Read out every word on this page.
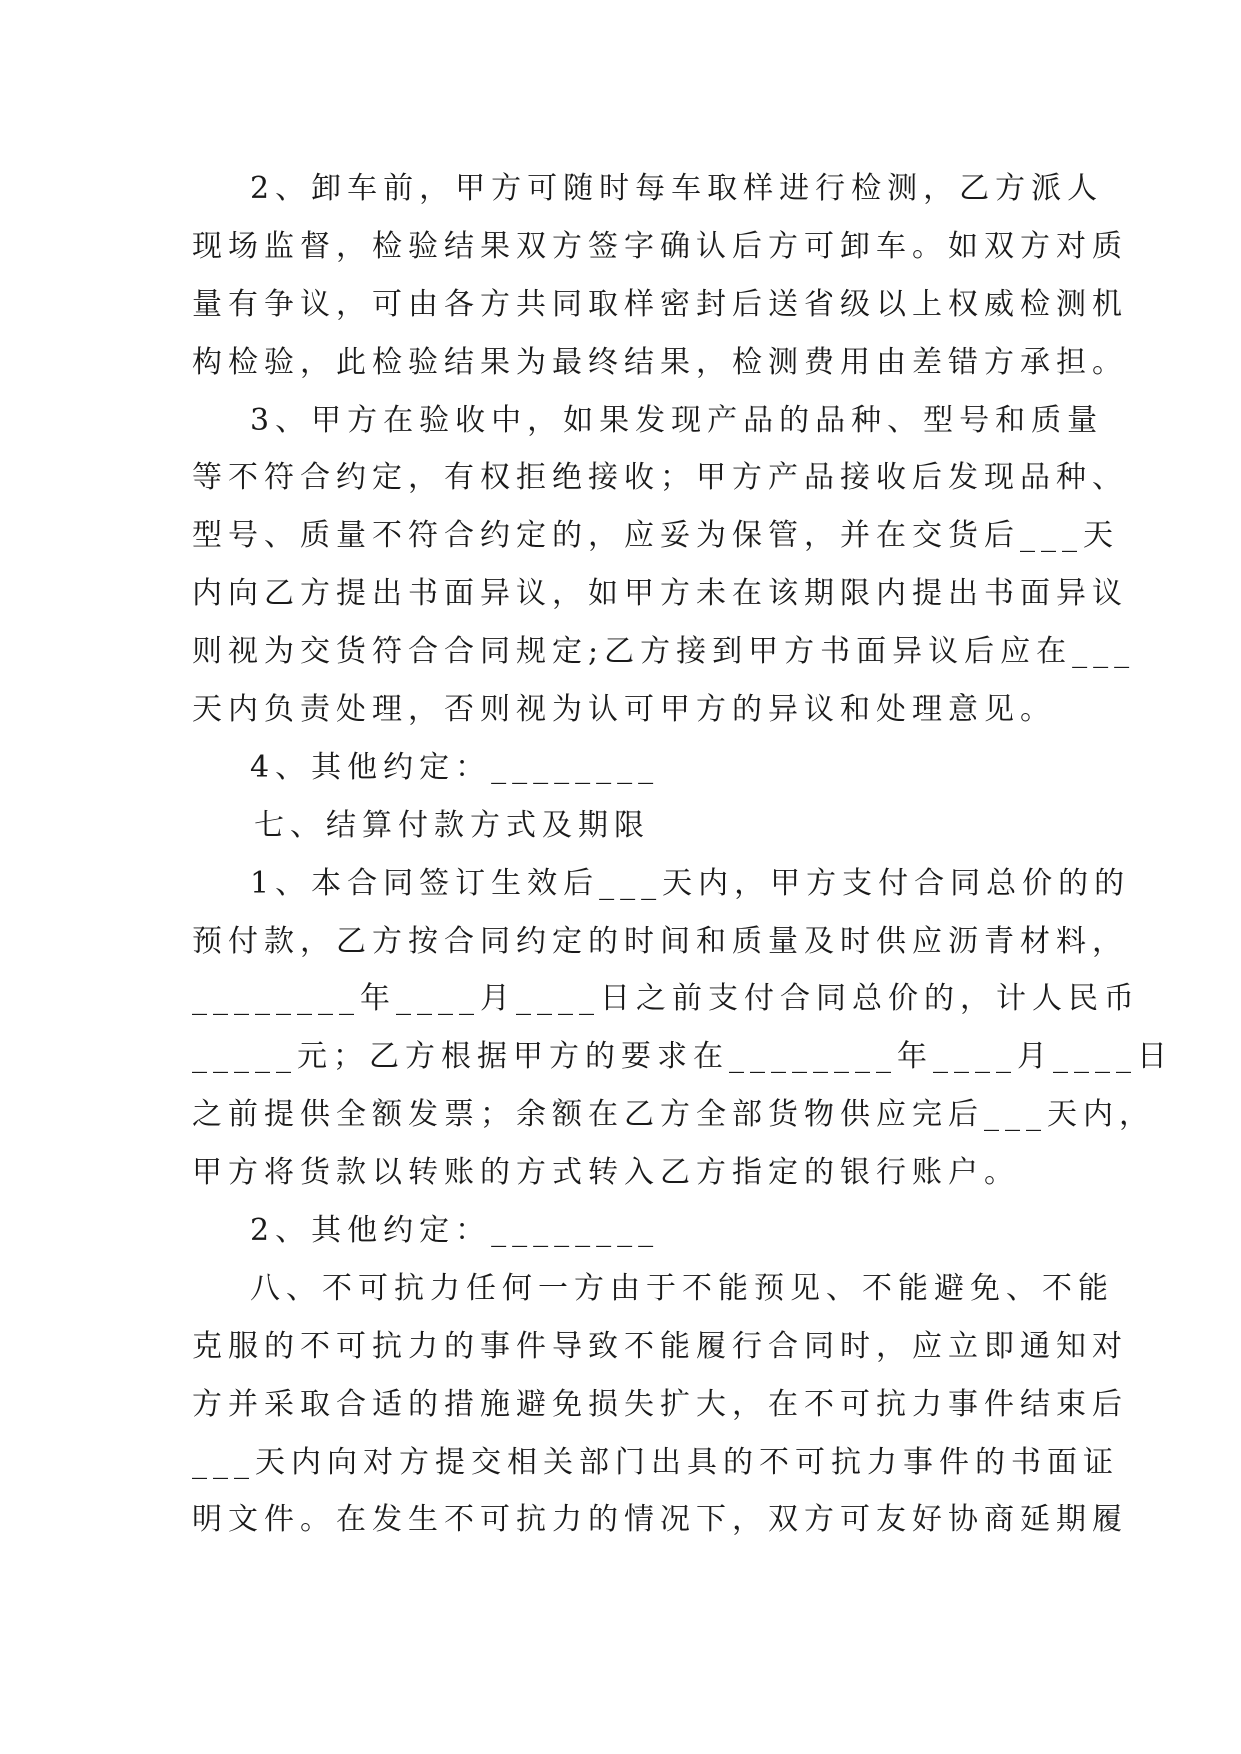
2、卸车前，甲方可随时每车取样进行检测，乙方派人
现场监督，检验结果双方签字确认后方可卸车。如双方对质
量有争议，可由各方共同取样密封后送省级以上权威检测机
构检验，此检验结果为最终结果，检测费用由差错方承担。
3、甲方在验收中，如果发现产品的品种、型号和质量
等不符合约定，有权拒绝接收；甲方产品接收后发现品种、
型号、质量不符合约定的，应妥为保管，并在交货后___天
内向乙方提出书面异议，如甲方未在该期限内提出书面异议
则视为交货符合合同规定;乙方接到甲方书面异议后应在___
天内负责处理，否则视为认可甲方的异议和处理意见。
4、其他约定：________
七、结算付款方式及期限
1、本合同签订生效后___天内，甲方支付合同总价的的
预付款，乙方按合同约定的时间和质量及时供应沥青材料，
________年____月____日之前支付合同总价的，计人民币
_____元；乙方根据甲方的要求在________年____月____日
之前提供全额发票；余额在乙方全部货物供应完后___天内，
甲方将货款以转账的方式转入乙方指定的银行账户。
2、其他约定：________
八、不可抗力任何一方由于不能预见、不能避免、不能
克服的不可抗力的事件导致不能履行合同时，应立即通知对
方并采取合适的措施避免损失扩大，在不可抗力事件结束后
___天内向对方提交相关部门出具的不可抗力事件的书面证
明文件。在发生不可抗力的情况下，双方可友好协商延期履
